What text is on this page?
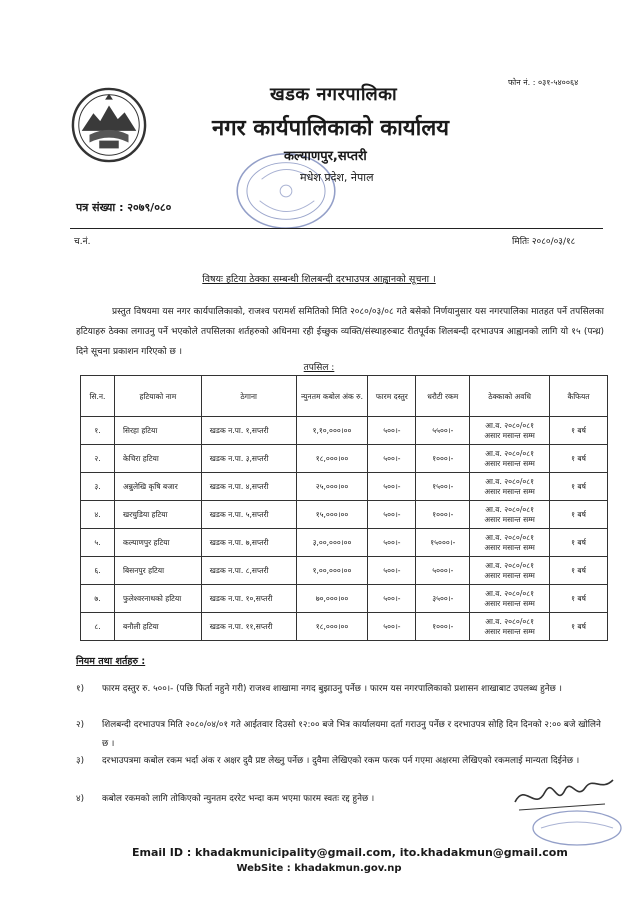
फोन नं. : ०३१-५४००६४
खडक नगरपालिका
नगर कार्यपालिकाको कार्यालय
कल्याणपुर,सप्तरी
मधेश प्रदेश, नेपाल
पत्र संख्या : २०७९/०८०
च.नं.	मितिः २०८०/०३/१८
विषयः हटिया ठेक्का सम्बन्धी शिलबन्दी दरभाउपत्र आह्वानको सूचना ।

प्रस्तुत विषयमा यस नगर कार्यपालिकाको, राजश्व परामर्श समितिको मिति २०८०/०३/०८ गते बसेको निर्णयानुसार यस नगरपालिका मातहत पर्ने तपसिलका हटियाहरु ठेक्का लगाउनु पर्ने भएकोले तपसिलका शर्तहरुको अधिनमा रही ईच्छुक व्यक्ति/संस्थाहरुबाट रीतपूर्वक शिलबन्दी दरभाउपत्र आह्वानको लागि यो १५ (पन्ध्र) दिने सूचना प्रकाशन गरिएको छ ।

तपसिल :
सि.न.	हटियाको नाम	ठेगाना	न्युनतम कबोल अंक रु.	फारम दस्तुर	धरौटी रकम	ठेक्काको अवधि	कैफियत
१.	सिरहा हटिया	खडक न.पा. १,सप्तरी	१,१०,०००।००	५००।-	५५००।-	आ.व. २०८०/०८१
असार मसान्त सम्म	१ बर्ष
२.	केचिरा हटिया	खडक न.पा. ३,सप्तरी	१८,०००।००	५००।-	१०००।-	आ.व. २०८०/०८१
असार मसान्त सम्म	१ बर्ष
३.	अन्नुलेखि कृषि बजार	खडक न.पा. ४,सप्तरी	२५,०००।००	५००।-	१५००।-	आ.व. २०८०/०८१
असार मसान्त सम्म	१ बर्ष
४.	खरचुडिया हटिया	खडक न.पा. ५,सप्तरी	१५,०००।००	५००।-	१०००।-	आ.व. २०८०/०८१
असार मसान्त सम्म	१ बर्ष
५.	कल्याणपुर हटिया	खडक न.पा. ७,सप्तरी	३,००,०००।००	५००।-	१५०००।-	आ.व. २०८०/०८१
असार मसान्त सम्म	१ बर्ष
६.	बिसनपुर हटिया	खडक न.पा. ८,सप्तरी	१,००,०००।००	५००।-	५०००।-	आ.व. २०८०/०८१
असार मसान्त सम्म	१ बर्ष
७.	फुलेश्वरनाथको हटिया	खडक न.पा. १०,सप्तरी	७०,०००।००	५००।-	३५००।-	आ.व. २०८०/०८१
असार मसान्त सम्म	१ बर्ष
८.	बनौली हटिया	खडक न.पा. ११,सप्तरी	१८,०००।००	५००।-	१०००।-	आ.व. २०८०/०८१
असार मसान्त सम्म	१ बर्ष
नियम तथा शर्तहरु :
१)	फारम दस्तुर रु. ५००।- (पछि फिर्ता नहुने गरी) राजश्व शाखामा नगद बुझाउनु पर्नेछ । फारम यस नगरपालिकाको प्रशासन शाखाबाट उपलब्ध हुनेछ ।
२)	शिलबन्दी दरभाउपत्र मिति २०८०/०४/०१ गते आईतवार दिउसो १२:०० बजे भित्र कार्यालयमा दर्ता गराउनु पर्नेछ र दरभाउपत्र सोहि दिन दिनको २:०० बजे खोलिने छ ।
३)	दरभाउपत्रमा कबोल रकम भर्दा अंक र अक्षर दुवै प्रष्ट लेख्नु पर्नेछ । दुवैमा लेखिएको रकम फरक पर्न गएमा अक्षरमा लेखिएको रकमलाई मान्यता दिईनेछ ।
४)	कबोल रकमको लागि तोकिएको न्युनतम दररेट भन्दा कम भएमा फारम स्वतः रद्द हुनेछ ।
Email ID : khadakmunicipality@gmail.com, ito.khadakmun@gmail.com
WebSite : khadakmun.gov.np
